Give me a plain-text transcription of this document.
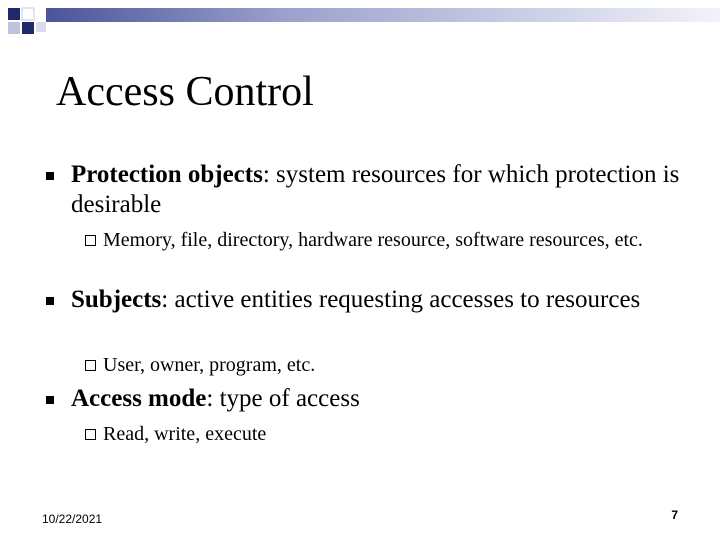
Access Control
Protection objects: system resources for which protection is desirable
Memory, file, directory, hardware resource, software resources, etc.
Subjects: active entities requesting accesses to resources
User, owner, program, etc.
Access mode: type of access
Read, write, execute
10/22/2021	7
